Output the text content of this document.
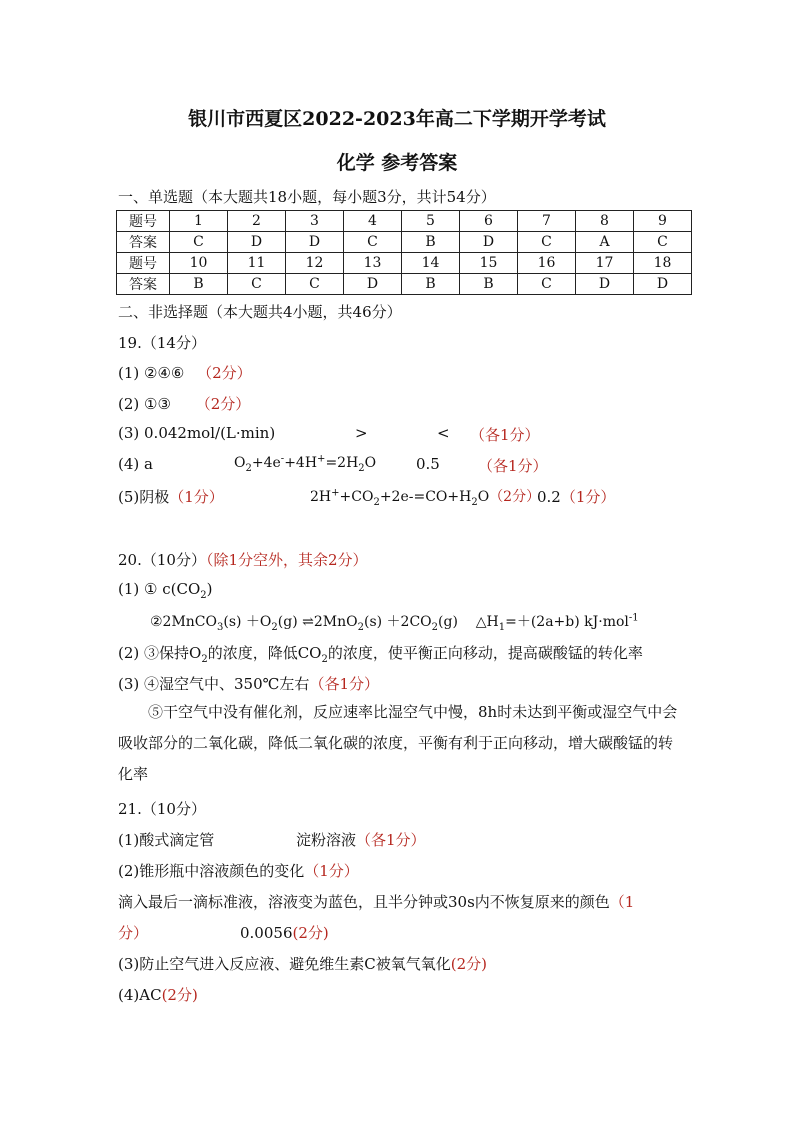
银川市西夏区2022-2023年高二下学期开学考试
化学 参考答案
一、单选题（本大题共18小题，每小题3分，共计54分）
题号	1	2	3	4	5	6	7	8	9
答案	C	D	D	C	B	D	C	A	C
题号	10	11	12	13	14	15	16	17	18
答案	B	C	C	D	B	B	C	D	D
二、非选择题（本大题共4小题，共46分）
19.（14分）
(1) ②④⑥ （2分）
(2) ①③ （2分）
(3) 0.042mol/(L·min)	>	< （各1分）
(4) a	$O_2+4e^-+4H^+=2H_2O$	0.5	（各1分）
(5)阴极（1分）	$2H^++CO_2+2e-=CO+H_2O(2$分）
0.2（1分）
20.（10分）（除1分空外，其余2分）
(1) ① $c(CO_2)$
②2MnCO$_3$(s) $+O_2(g)$ ⇌2MnO$_2$(s) $+2CO_2(g)$ $\triangle H_1=+(2a+b)$ kJ·mol$^{-1}$
(2) ③保持$O_2$的浓度，降低$CO_2$的浓度，使平衡正向移动，提高碳酸锰的转化率
(3) ④湿空气中、350℃左右（各1分）
⑤干空气中没有催化剂，反应速率比湿空气中慢，8h时未达到平衡或湿空气中会吸收部分的二氧化碳，降低二氧化碳的浓度，平衡有利于正向移动，增大碳酸锰的转化率
21.（10分）
(1)酸式滴定管	淀粉溶液（各1分）
(2)锥形瓶中溶液颜色的变化（1分）
滴入最后一滴标准液，溶液变为蓝色，且半分钟或30s内不恢复原来的颜色（1
分）	0.0056(2分)
(3)防止空气进入反应液、避免维生素C被氧气氧化(2分)
(4)AC(2分)
